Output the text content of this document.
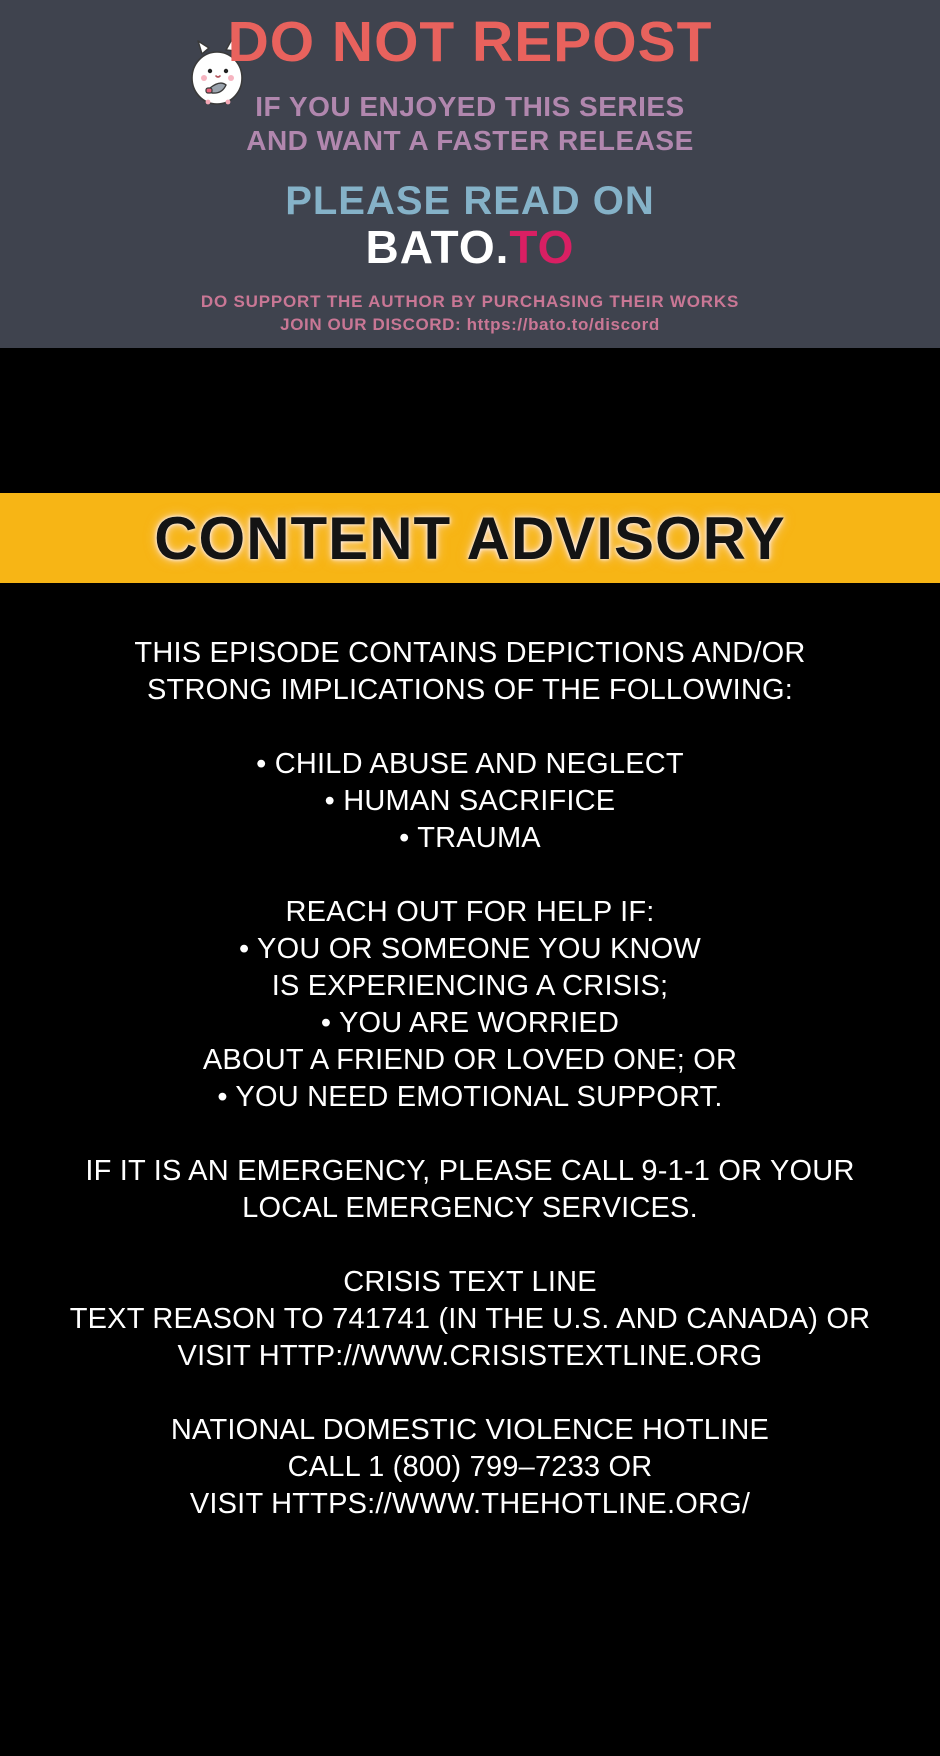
DO NOT REPOST
IF YOU ENJOYED THIS SERIES
AND WANT A FASTER RELEASE
PLEASE READ ON
BATO.TO
DO SUPPORT THE AUTHOR BY PURCHASING THEIR WORKS
JOIN OUR DISCORD: https://bato.to/discord
CONTENT ADVISORY
THIS EPISODE CONTAINS DEPICTIONS AND/OR
STRONG IMPLICATIONS OF THE FOLLOWING:
• CHILD ABUSE AND NEGLECT
• HUMAN SACRIFICE
• TRAUMA
REACH OUT FOR HELP IF:
• YOU OR SOMEONE YOU KNOW
IS EXPERIENCING A CRISIS;
• YOU ARE WORRIED
ABOUT A FRIEND OR LOVED ONE; OR
• YOU NEED EMOTIONAL SUPPORT.
IF IT IS AN EMERGENCY, PLEASE CALL 9-1-1 OR YOUR
LOCAL EMERGENCY SERVICES.
CRISIS TEXT LINE
TEXT REASON TO 741741 (IN THE U.S. AND CANADA) OR
VISIT HTTP://WWW.CRISISTEXTLINE.ORG
NATIONAL DOMESTIC VIOLENCE HOTLINE
CALL 1 (800) 799–7233 OR
VISIT HTTPS://WWW.THEHOTLINE.ORG/
